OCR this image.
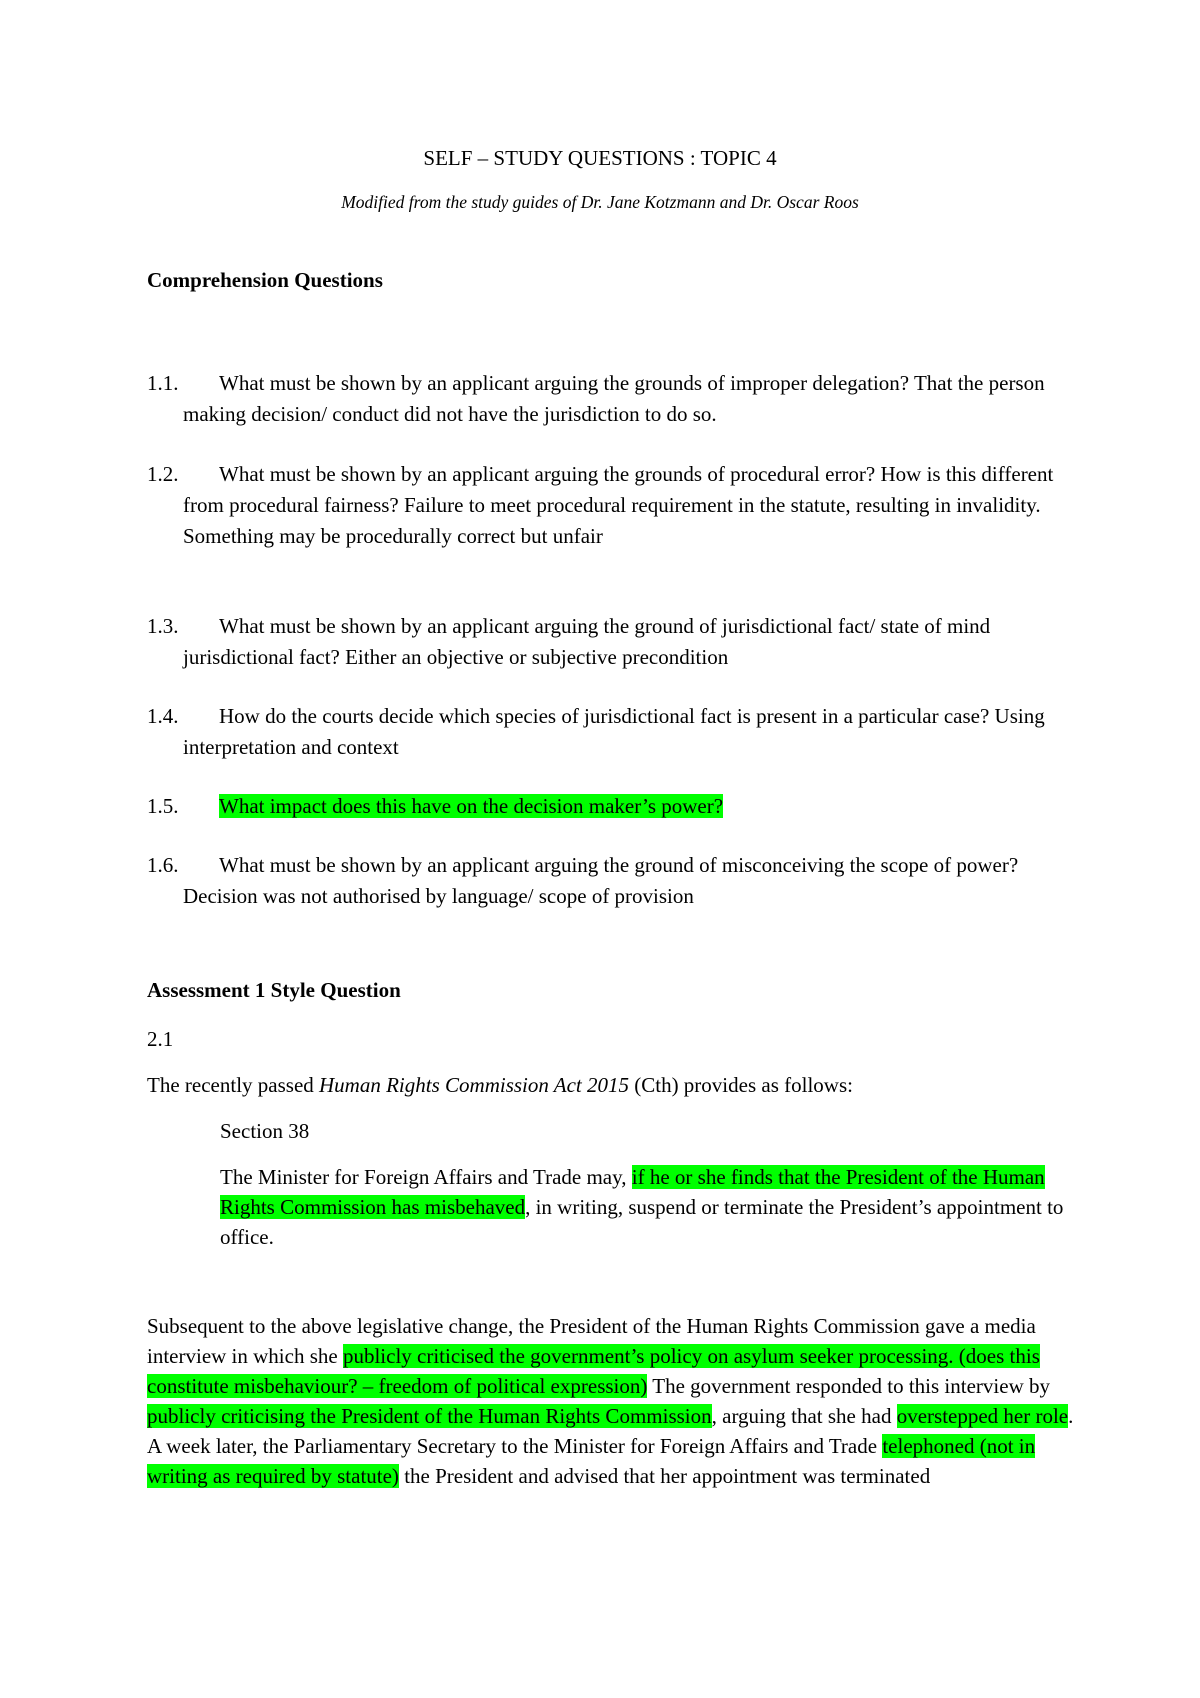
SELF – STUDY QUESTIONS : TOPIC 4
Modified from the study guides of Dr. Jane Kotzmann and Dr. Oscar Roos
Comprehension Questions
1.1.	What must be shown by an applicant arguing the grounds of improper delegation? That the person making decision/ conduct did not have the jurisdiction to do so.
1.2.	What must be shown by an applicant arguing the grounds of procedural error? How is this different from procedural fairness? Failure to meet procedural requirement in the statute, resulting in invalidity. Something may be procedurally correct but unfair
1.3.	What must be shown by an applicant arguing the ground of jurisdictional fact/ state of mind jurisdictional fact? Either an objective or subjective precondition
1.4.	How do the courts decide which species of jurisdictional fact is present in a particular case? Using interpretation and context
1.5.	What impact does this have on the decision maker’s power?
1.6.	What must be shown by an applicant arguing the ground of misconceiving the scope of power? Decision was not authorised by language/ scope of provision
Assessment 1 Style Question
2.1
The recently passed Human Rights Commission Act 2015 (Cth) provides as follows:
Section 38
The Minister for Foreign Affairs and Trade may, if he or she finds that the President of the Human Rights Commission has misbehaved, in writing, suspend or terminate the President’s appointment to office.
Subsequent to the above legislative change, the President of the Human Rights Commission gave a media interview in which she publicly criticised the government’s policy on asylum seeker processing. (does this constitute misbehaviour? – freedom of political expression) The government responded to this interview by publicly criticising the President of the Human Rights Commission, arguing that she had overstepped her role. A week later, the Parliamentary Secretary to the Minister for Foreign Affairs and Trade telephoned (not in writing as required by statute) the President and advised that her appointment was terminated
